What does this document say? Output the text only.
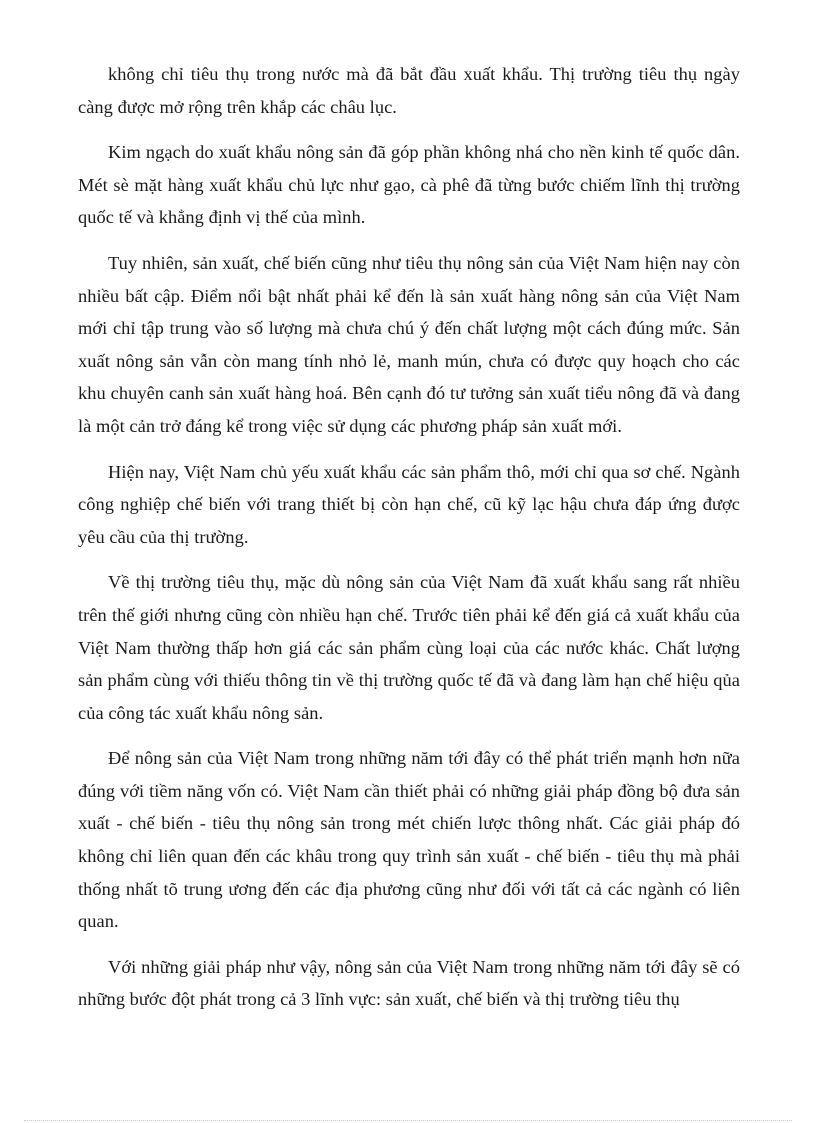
không chỉ tiêu thụ trong nước mà đã bắt đầu xuất khẩu. Thị trường tiêu thụ ngày càng được mở rộng trên khắp các châu lục.

Kim ngạch do xuất khẩu nông sản đã góp phần không nhá cho nền kinh tế quốc dân. Mét sè mặt hàng xuất khẩu chủ lực như gạo, cà phê đã từng bước chiếm lĩnh thị trường quốc tế và khẳng định vị thế của mình.

Tuy nhiên, sản xuất, chế biến cũng như tiêu thụ nông sản của Việt Nam hiện nay còn nhiều bất cập. Điểm nổi bật nhất phải kể đến là sản xuất hàng nông sản của Việt Nam mới chỉ tập trung vào số lượng mà chưa chú ý đến chất lượng một cách đúng mức. Sản xuất nông sản vẫn còn mang tính nhỏ lẻ, manh mún, chưa có được quy hoạch cho các khu chuyên canh sản xuất hàng hoá. Bên cạnh đó tư tưởng sản xuất tiểu nông đã và đang là một cản trở đáng kể trong việc sử dụng các phương pháp sản xuất mới.

Hiện nay, Việt Nam chủ yếu xuất khẩu các sản phẩm thô, mới chỉ qua sơ chế. Ngành công nghiệp chế biến với trang thiết bị còn hạn chế, cũ kỹ lạc hậu chưa đáp ứng được yêu cầu của thị trường.

Về thị trường tiêu thụ, mặc dù nông sản của Việt Nam đã xuất khẩu sang rất nhiều trên thế giới nhưng cũng còn nhiều hạn chế. Trước tiên phải kể đến giá cả xuất khẩu của Việt Nam thường thấp hơn giá các sản phẩm cùng loại của các nước khác. Chất lượng sản phẩm cùng với thiếu thông tin về thị trường quốc tế đã và đang làm hạn chế hiệu qủa của công tác xuất khẩu nông sản.

Để nông sản của Việt Nam trong những năm tới đây có thể phát triển mạnh hơn nữa đúng với tiềm năng vốn có. Việt Nam cần thiết phải có những giải pháp đồng bộ đưa sản xuất - chế biến - tiêu thụ nông sản trong mét chiến lược thông nhất. Các giải pháp đó không chỉ liên quan đến các khâu trong quy trình sản xuất - chế biến - tiêu thụ mà phải thống nhất tõ trung ương đến các địa phương cũng như đối với tất cả các ngành có liên quan.

Với những giải pháp như vậy, nông sản của Việt Nam trong những năm tới đây sẽ có những bước đột phát trong cả 3 lĩnh vực: sản xuất, chế biến và thị trường tiêu thụ
